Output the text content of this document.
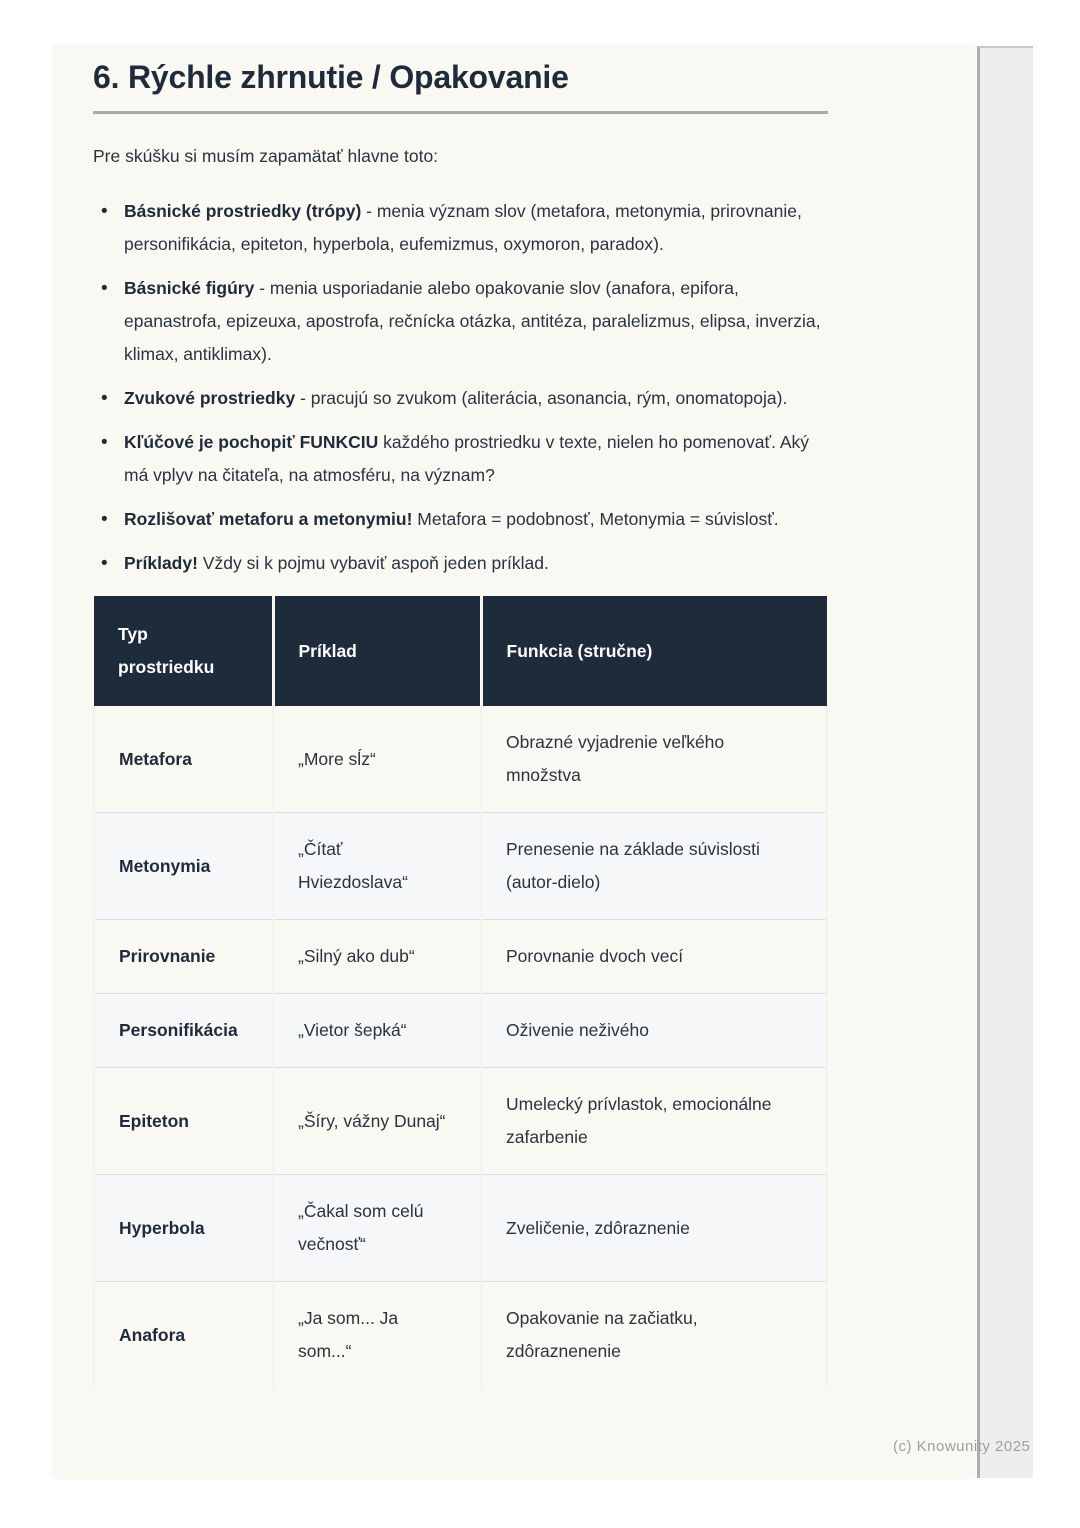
6. Rýchle zhrnutie / Opakovanie

Pre skúšku si musím zapamätať hlavne toto:

• Básnické prostriedky (trópy) - menia význam slov (metafora, metonymia, prirovnanie, personifikácia, epiteton, hyperbola, eufemizmus, oxymoron, paradox).
• Básnické figúry - menia usporiadanie alebo opakovanie slov (anafora, epifora, epanastrofa, epizeuxa, apostrofa, rečnícka otázka, antitéza, paralelizmus, elipsa, inverzia, klimax, antiklimax).
• Zvukové prostriedky - pracujú so zvukom (aliterácia, asonancia, rým, onomatopoja).
• Kľúčové je pochopiť FUNKCIU každého prostriedku v texte, nielen ho pomenovať. Aký má vplyv na čitateľa, na atmosféru, na význam?
• Rozlišovať metaforu a metonymiu! Metafora = podobnosť, Metonymia = súvislosť.
• Príklady! Vždy si k pojmu vybaviť aspoň jeden príklad.
Typ prostriedku	Príklad	Funkcia (stručne)
Metafora	„More sĺz“	Obrazné vyjadrenie veľkého množstva
Metonymia	„Čítať Hviezdoslava“	Prenesenie na základe súvislosti (autor-dielo)
Prirovnanie	„Silný ako dub“	Porovnanie dvoch vecí
Personifikácia	„Vietor šepká“	Oživenie neživého
Epiteton	„Šíry, vážny Dunaj“	Umelecký prívlastok, emocionálne zafarbenie
Hyperbola	„Čakal som celú večnosť“	Zveličenie, zdôraznenie
Anafora	„Ja som... Ja som...“	Opakovanie na začiatku, zdôraznenenie
(c) Knowunity 2025
